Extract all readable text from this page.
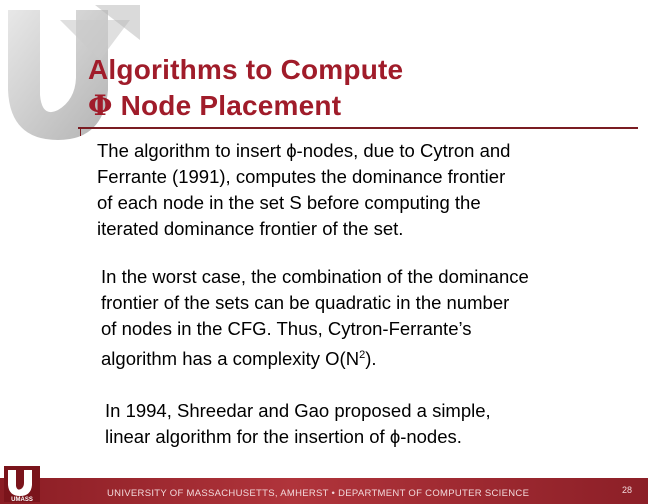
Algorithms to Compute
Φ Node Placement
The algorithm to insert ϕ-nodes, due to Cytron and
Ferrante (1991), computes the dominance frontier
of each node in the set S before computing the
iterated dominance frontier of the set.
In the worst case, the combination of the dominance
frontier of the sets can be quadratic in the number
of nodes in the CFG. Thus, Cytron-Ferrante’s
algorithm has a complexity $O(N^2)$.
In 1994, Shreedar and Gao proposed a simple,
linear algorithm for the insertion of ϕ-nodes.
UMASS
UNIVERSITY OF MASSACHUSETTS, AMHERST • DEPARTMENT OF COMPUTER SCIENCE	28
